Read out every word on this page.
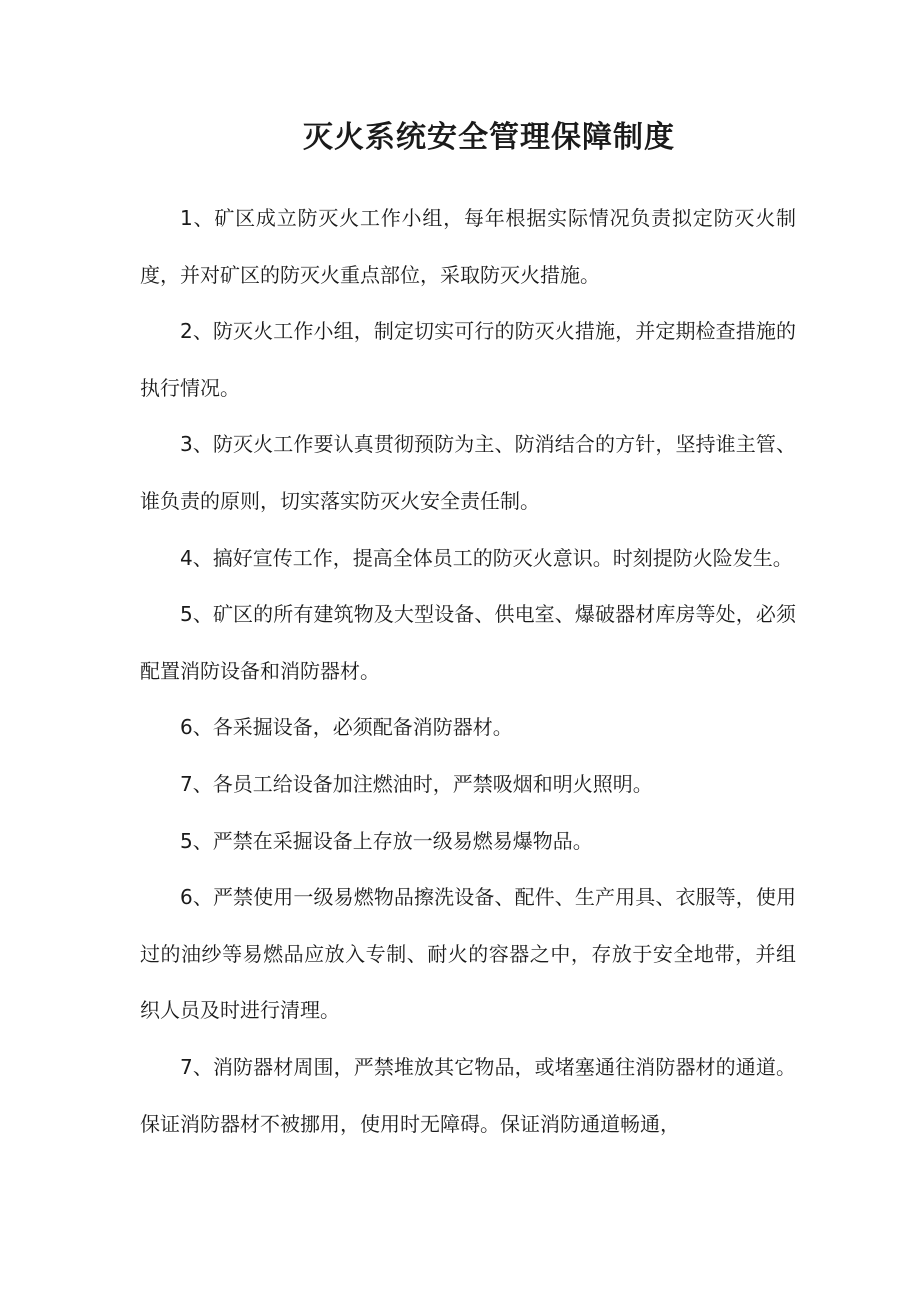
灭火系统安全管理保障制度

1、矿区成立防灭火工作小组，每年根据实际情况负责拟定防灭火制度，并对矿区的防灭火重点部位，采取防灭火措施。

2、防灭火工作小组，制定切实可行的防灭火措施，并定期检查措施的执行情况。

3、防灭火工作要认真贯彻预防为主、防消结合的方针，坚持谁主管、谁负责的原则，切实落实防灭火安全责任制。

4、搞好宣传工作，提高全体员工的防灭火意识。时刻提防火险发生。

5、矿区的所有建筑物及大型设备、供电室、爆破器材库房等处，必须配置消防设备和消防器材。

6、各采掘设备，必须配备消防器材。

7、各员工给设备加注燃油时，严禁吸烟和明火照明。

5、严禁在采掘设备上存放一级易燃易爆物品。

6、严禁使用一级易燃物品擦洗设备、配件、生产用具、衣服等，使用过的油纱等易燃品应放入专制、耐火的容器之中，存放于安全地带，并组织人员及时进行清理。

7、消防器材周围，严禁堆放其它物品，或堵塞通往消防器材的通道。保证消防器材不被挪用，使用时无障碍。保证消防通道畅通，
